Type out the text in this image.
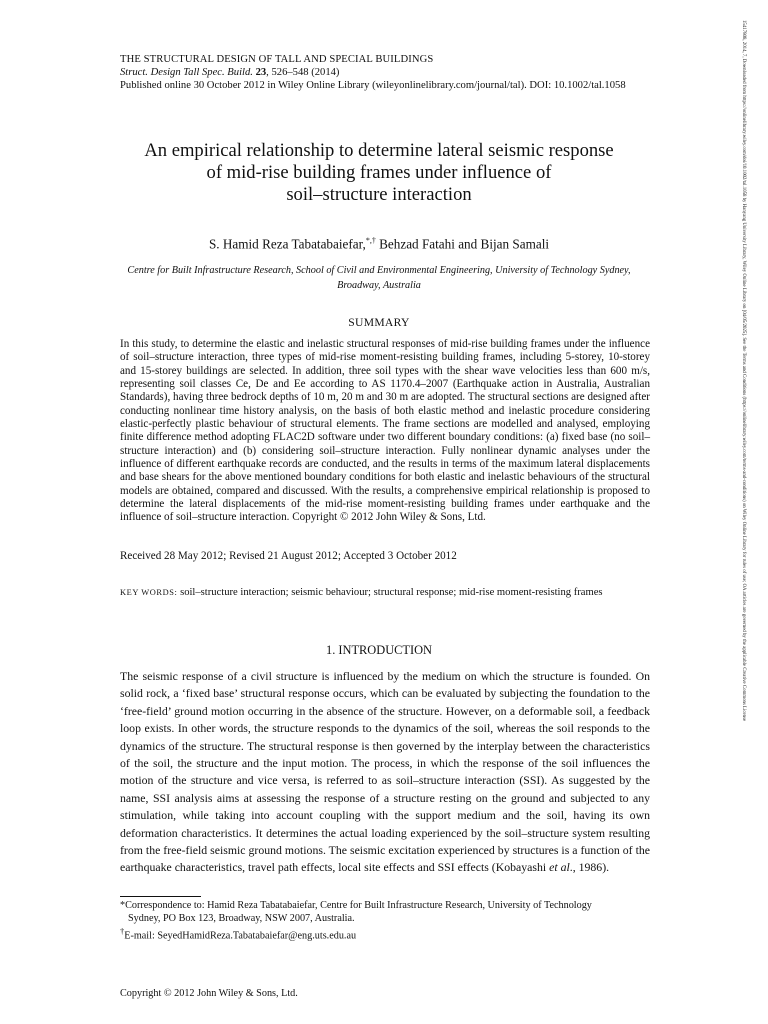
THE STRUCTURAL DESIGN OF TALL AND SPECIAL BUILDINGS
Struct. Design Tall Spec. Build. 23, 526–548 (2014)
Published online 30 October 2012 in Wiley Online Library (wileyonlinelibrary.com/journal/tal). DOI: 10.1002/tal.1058
An empirical relationship to determine lateral seismic response
of mid-rise building frames under influence of
soil–structure interaction
S. Hamid Reza Tabatabaiefar,*,† Behzad Fatahi and Bijan Samali
Centre for Built Infrastructure Research, School of Civil and Environmental Engineering, University of Technology Sydney, Broadway, Australia
SUMMARY
In this study, to determine the elastic and inelastic structural responses of mid-rise building frames under the influence of soil–structure interaction, three types of mid-rise moment-resisting building frames, including 5-storey, 10-storey and 15-storey buildings are selected. In addition, three soil types with the shear wave velocities less than 600 m/s, representing soil classes Ce, De and Ee according to AS 1170.4–2007 (Earthquake action in Australia, Australian Standards), having three bedrock depths of 10 m, 20 m and 30 m are adopted. The structural sections are designed after conducting nonlinear time history analysis, on the basis of both elastic method and inelastic procedure considering elastic-perfectly plastic behaviour of structural elements. The frame sections are modelled and analysed, employing finite difference method adopting FLAC2D software under two different boundary conditions: (a) fixed base (no soil–structure interaction) and (b) considering soil–structure interaction. Fully nonlinear dynamic analyses under the influence of different earthquake records are conducted, and the results in terms of the maximum lateral displacements and base shears for the above mentioned boundary conditions for both elastic and inelastic behaviours of the structural models are obtained, compared and discussed. With the results, a comprehensive empirical relationship is proposed to determine the lateral displacements of the mid-rise moment-resisting building frames under earthquake and the influence of soil–structure interaction. Copyright © 2012 John Wiley & Sons, Ltd.
Received 28 May 2012; Revised 21 August 2012; Accepted 3 October 2012
KEY WORDS: soil–structure interaction; seismic behaviour; structural response; mid-rise moment-resisting frames
1. INTRODUCTION
The seismic response of a civil structure is influenced by the medium on which the structure is founded. On solid rock, a ‘fixed base’ structural response occurs, which can be evaluated by subjecting the foundation to the ‘free-field’ ground motion occurring in the absence of the structure. However, on a deformable soil, a feedback loop exists. In other words, the structure responds to the dynamics of the soil, whereas the soil responds to the dynamics of the structure. The structural response is then governed by the interplay between the characteristics of the soil, the structure and the input motion. The process, in which the response of the soil influences the motion of the structure and vice versa, is referred to as soil–structure interaction (SSI). As suggested by the name, SSI analysis aims at assessing the response of a structure resting on the ground and subjected to any stimulation, while taking into account coupling with the support medium and the soil, having its own deformation characteristics. It determines the actual loading experienced by the soil–structure system resulting from the free-field seismic ground motions. The seismic excitation experienced by structures is a function of the earthquake characteristics, travel path effects, local site effects and SSI effects (Kobayashi et al., 1986).
*Correspondence to: Hamid Reza Tabatabaiefar, Centre for Built Infrastructure Research, University of Technology
Sydney, PO Box 123, Broadway, NSW 2007, Australia.
†E-mail: SeyedHamidReza.Tabatabaiefar@eng.uts.edu.au
Copyright © 2012 John Wiley & Sons, Ltd.
15417808, 2014, 7, Downloaded from https://onlinelibrary.wiley.com/doi/10.1002/tal.1058 by Hanyang University Library, Wiley Online Library on [04/05/2025]. See the Terms and Conditions (https://onlinelibrary.wiley.com/terms-and-conditions) on Wiley Online Library for rules of use; OA articles are governed by the applicable Creative Commons License
